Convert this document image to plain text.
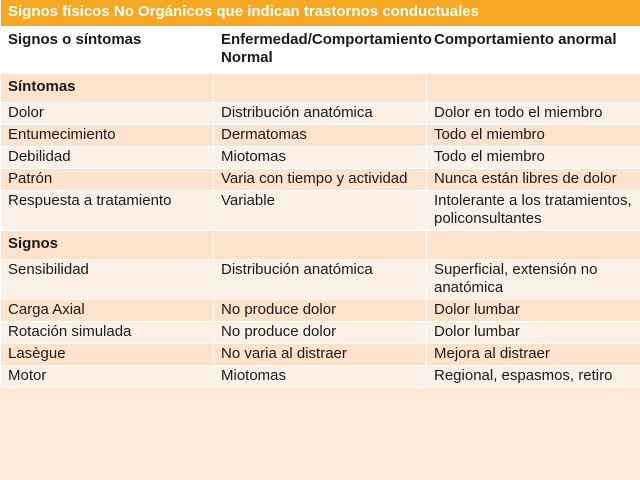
Signos físicos No Orgánicos que indican trastornos conductuales		
Signos o síntomas	Enfermedad/Comportamiento Normal	Comportamiento anormal
Síntomas		
Dolor	Distribución anatómica	Dolor en todo el miembro
Entumecimiento	Dermatomas	Todo el miembro
Debilidad	Miotomas	Todo el miembro
Patrón	Varia con tiempo y actividad	Nunca están libres de dolor
Respuesta a tratamiento	Variable	Intolerante a los tratamientos, policonsultantes
Signos		
Sensibilidad	Distribución anatómica	Superficial, extensión no anatómica
Carga Axial	No produce dolor	Dolor lumbar
Rotación simulada	No produce dolor	Dolor lumbar
Lasègue	No varia al distraer	Mejora al distraer
Motor	Miotomas	Regional, espasmos, retiro
